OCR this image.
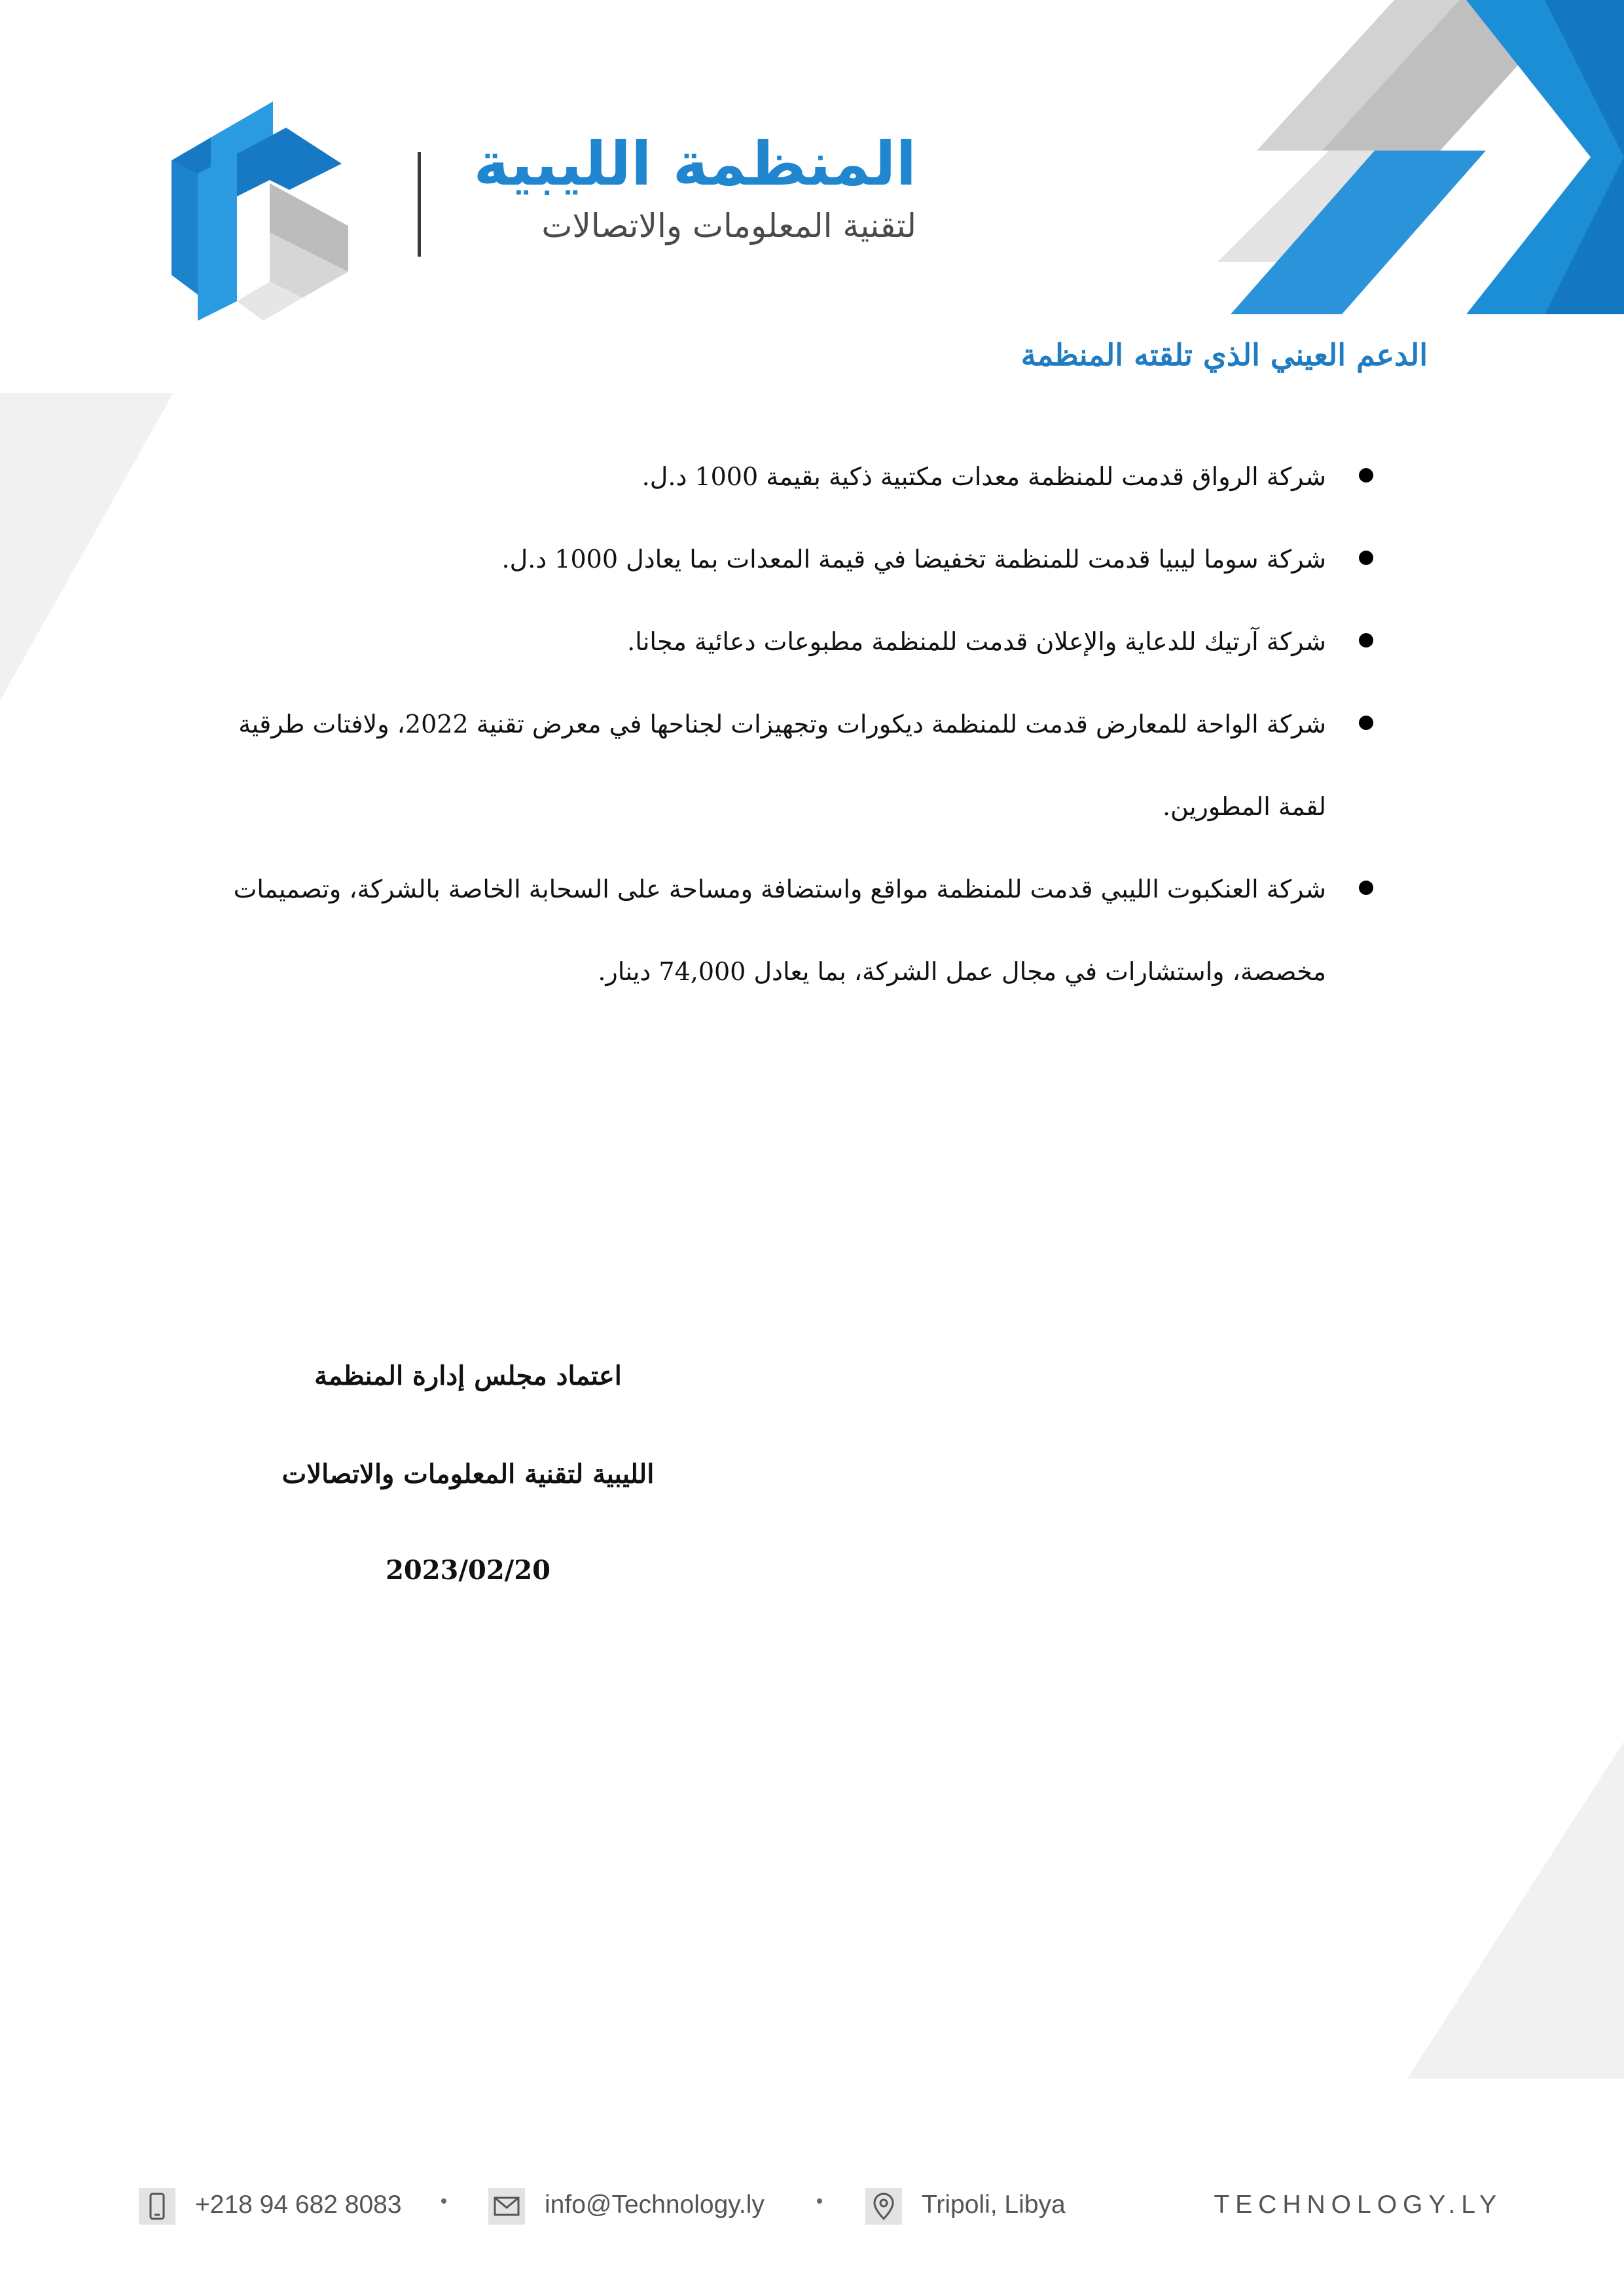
المنظمة الليبية
لتقنية المعلومات والاتصالات
الدعم العيني الذي تلقته المنظمة
شركة الرواق قدمت للمنظمة معدات مكتبية ذكية بقيمة 1000 د.ل.
شركة سوما ليبيا قدمت للمنظمة تخفيضا في قيمة المعدات بما يعادل 1000 د.ل.
شركة آرتيك للدعاية والإعلان قدمت للمنظمة مطبوعات دعائية مجانا.
شركة الواحة للمعارض قدمت للمنظمة ديكورات وتجهيزات لجناحها في معرض تقنية 2022، ولافتات طرقية لقمة المطورين.
شركة العنكبوت الليبي قدمت للمنظمة مواقع واستضافة ومساحة على السحابة الخاصة بالشركة، وتصميمات مخصصة، واستشارات في مجال عمل الشركة، بما يعادل 74,000 دينار.
اعتماد مجلس إدارة المنظمة
الليبية لتقنية المعلومات والاتصالات
2023/02/20
+218 94 682 8083	info@Technology.ly	Tripoli, Libya	TECHNOLOGY.LY
